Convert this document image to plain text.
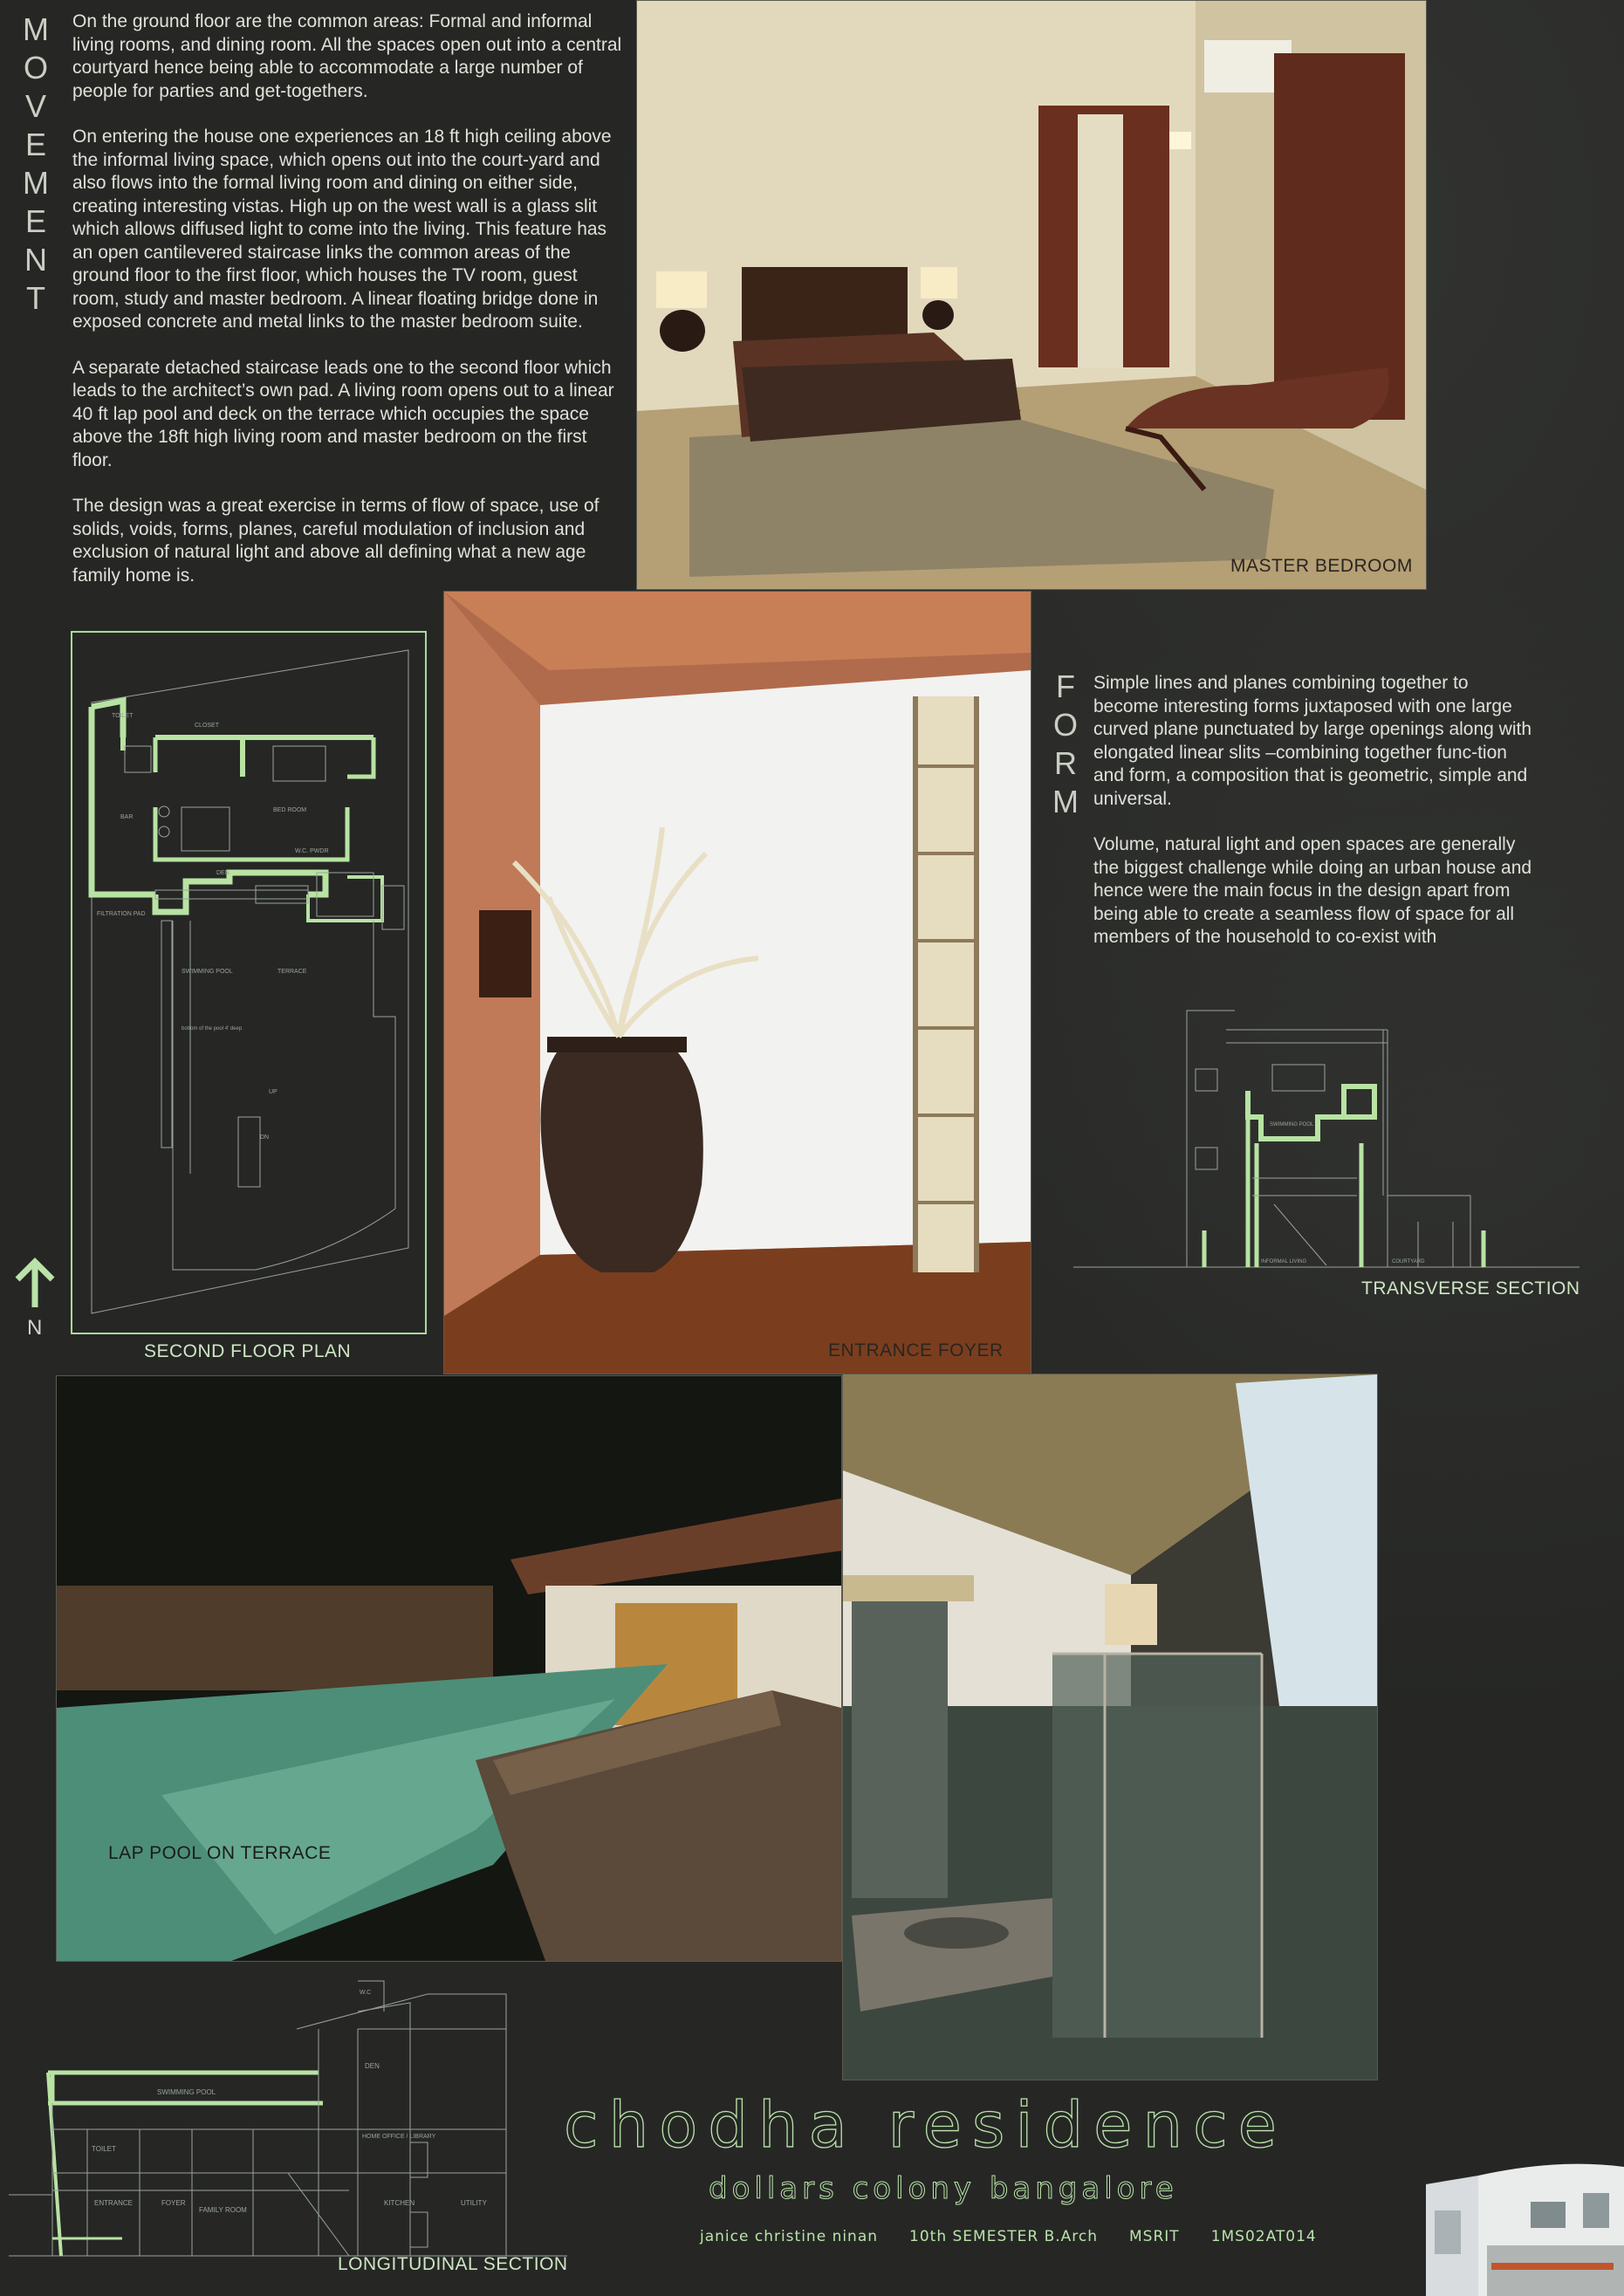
M
O
V
E
M
E
N
T

On the ground floor are the common areas: Formal and informal living rooms, and dining room. All the spaces open out into a central courtyard hence being able to accommodate a large number of people for parties and get-togethers.

On entering the house one experiences an 18 ft high ceiling above the informal living space, which opens out into the court-yard and also flows into the formal living room and dining on either side, creating interesting vistas. High up on the west wall is a glass slit which allows diffused light to come into the living. This feature has an open cantilevered staircase links the common areas of the ground floor to the first floor, which houses the TV room, guest room, study and master bedroom. A linear floating bridge done in exposed concrete and metal links to the master bedroom suite.

A separate detached staircase leads one to the second floor which leads to the architect’s own pad. A living room opens out to a linear 40 ft lap pool and deck on the terrace which occupies the space above the 18ft high living room and master bedroom on the first floor.

The design was a great exercise in terms of flow of space, use of solids, voids, forms, planes, careful modulation of inclusion and exclusion of natural light and above all defining what a new age family home is.	MASTER BEDROOM
TOILET
CLOSET
BED ROOM
BAR
DEN
W.C. PWDR
FILTRATION PAD
SWIMMING POOL	TERRACE
bottom of the pool 4' deep
UP
DN
SECOND FLOOR PLAN
N
ENTRANCE FOYER
F
O
R
M

Simple lines and planes combining together to become interesting forms juxtaposed with one large curved plane punctuated by large openings along with elongated linear slits –combining together func-tion and form, a composition that is geometric, simple and universal.

Volume, natural light and open spaces are generally the biggest challenge while doing an urban house and hence were the main focus in the design apart from being able to create a seamless flow of space for all members of the household to co-exist with

SWIMMING POOL
INFORMAL LIVING	COURTYARD
TRANSVERSE SECTION
LAP POOL ON TERRACE
SWIMMING POOL
DEN
TOILET
HOME OFFICE / LIBRARY
ENTRANCE	FOYER
FAMILY ROOM
KITCHEN	UTILITY
W.C
LONGITUDINAL SECTION
chodha residence
dollars colony bangalore
janice christine ninan 10th SEMESTER B.Arch MSRIT 1MS02AT014
